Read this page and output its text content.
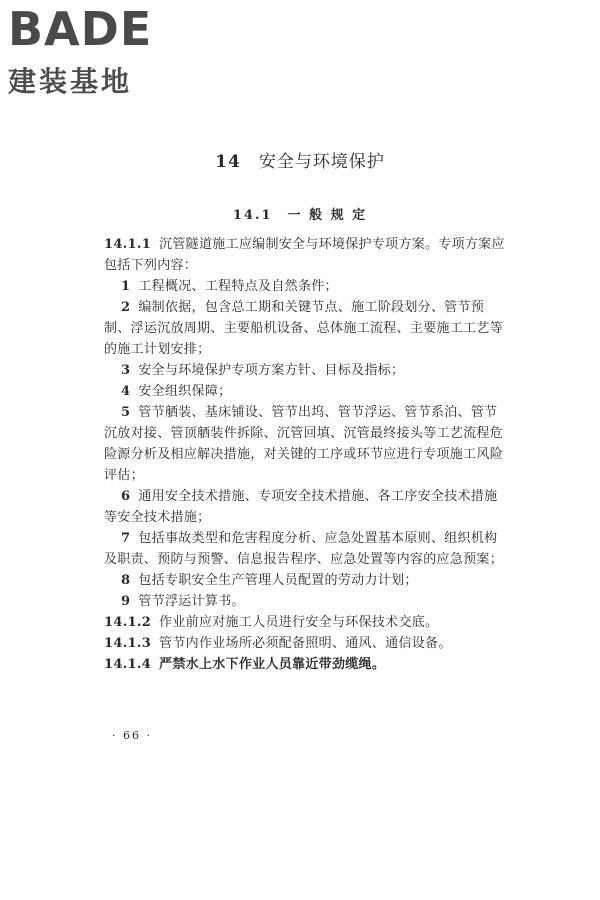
BADE
建装基地
14 安全与环境保护
14.1　一 般 规 定

14.1.1 沉管隧道施工应编制安全与环境保护专项方案。专项方案应包括下列内容：

1 工程概况、工程特点及自然条件；

2 编制依据，包含总工期和关键节点、施工阶段划分、管节预制、浮运沉放周期、主要船机设备、总体施工流程、主要施工工艺等的施工计划安排；

3 安全与环境保护专项方案方针、目标及指标；

4 安全组织保障；

5 管节舾装、基床铺设、管节出坞、管节浮运、管节系泊、管节沉放对接、管顶舾装件拆除、沉管回填、沉管最终接头等工艺流程危险源分析及相应解决措施，对关键的工序或环节应进行专项施工风险评估；

6 通用安全技术措施、专项安全技术措施、各工序安全技术措施等安全技术措施；

7 包括事故类型和危害程度分析、应急处置基本原则、组织机构及职责、预防与预警、信息报告程序、应急处置等内容的应急预案；

8 包括专职安全生产管理人员配置的劳动力计划；

9 管节浮运计算书。

14.1.2 作业前应对施工人员进行安全与环保技术交底。

14.1.3 管节内作业场所必须配备照明、通风、通信设备。

14.1.4 严禁水上水下作业人员靠近带劲缆绳。

· 66 ·
